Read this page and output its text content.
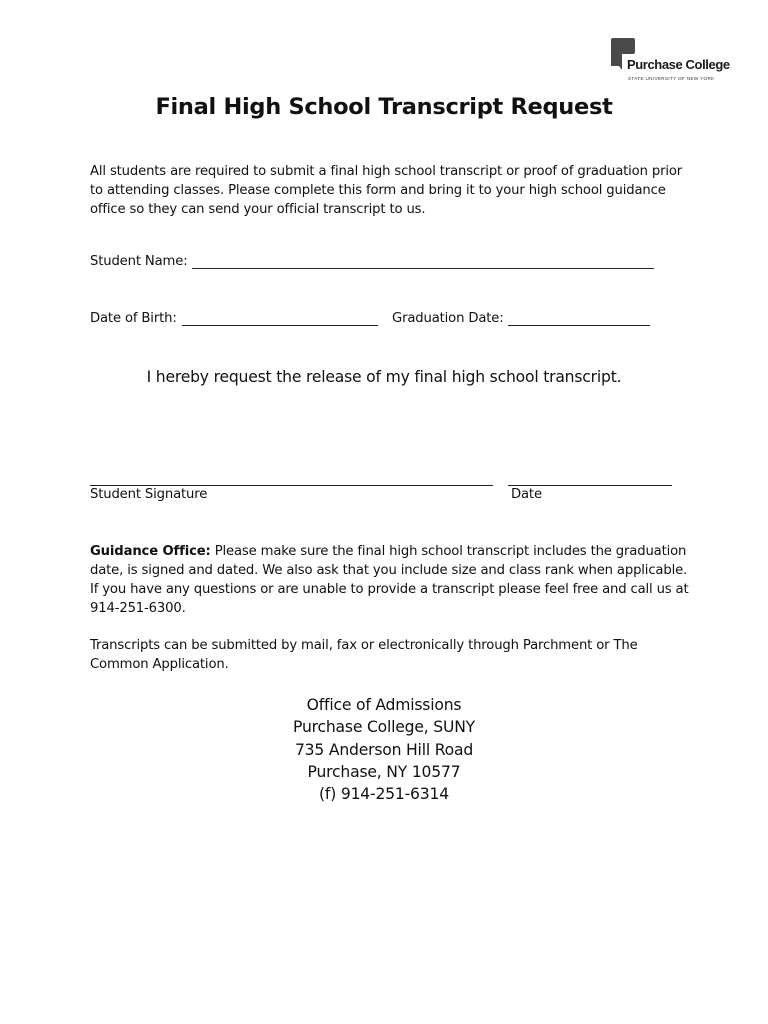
Purchase College
STATE UNIVERSITY OF NEW YORK
Final High School Transcript Request
All students are required to submit a final high school transcript or proof of graduation prior to attending classes. Please complete this form and bring it to your high school guidance office so they can send your official transcript to us.
Student Name:
Date of Birth:	Graduation Date:
I hereby request the release of my final high school transcript.
Student Signature	Date
Guidance Office: Please make sure the final high school transcript includes the graduation date, is signed and dated. We also ask that you include size and class rank when applicable. If you have any questions or are unable to provide a transcript please feel free and call us at 914-251-6300.
Transcripts can be submitted by mail, fax or electronically through Parchment or The Common Application.
Office of Admissions
Purchase College, SUNY
735 Anderson Hill Road
Purchase, NY 10577
(f) 914-251-6314
